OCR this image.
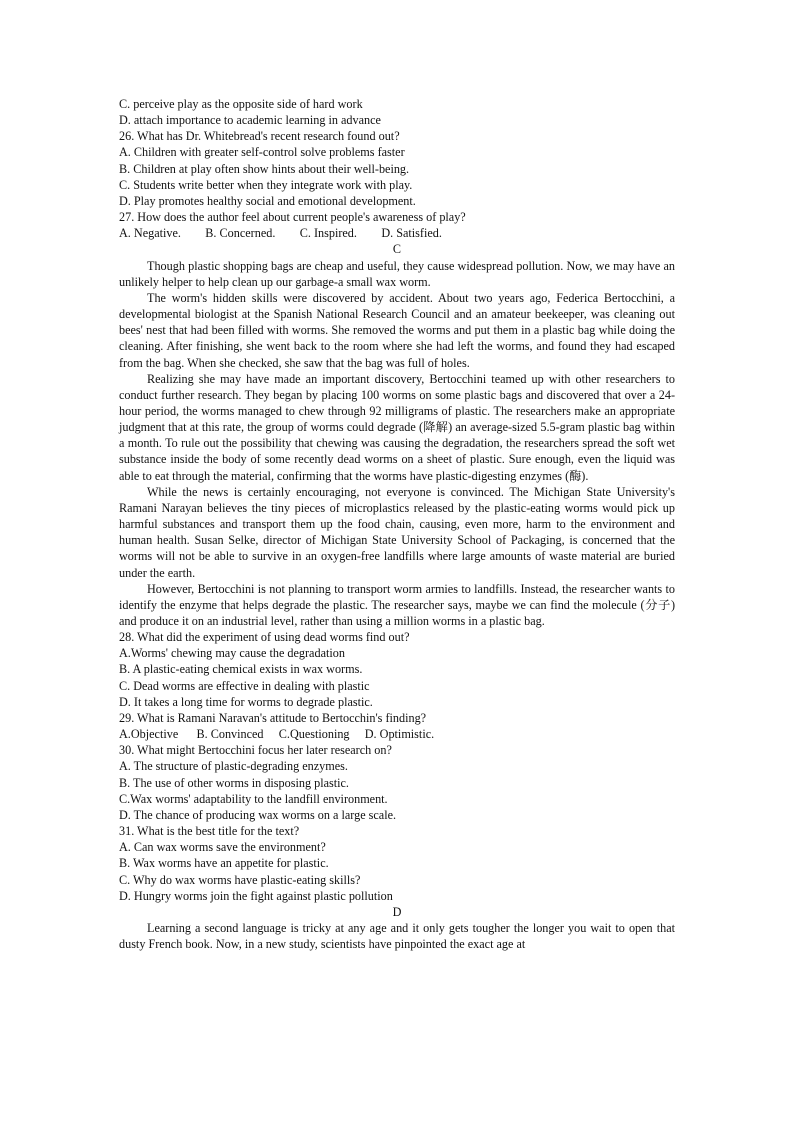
C. perceive play as the opposite side of hard work
D. attach importance to academic learning in advance
26. What has Dr. Whitebread's recent research found out?
A. Children with greater self-control solve problems faster
B. Children at play often show hints about their well-being.
C. Students write better when they integrate work with play.
D. Play promotes healthy social and emotional development.
27. How does the author feel about current people's awareness of play?
A. Negative.        B. Concerned.        C. Inspired.        D. Satisfied.
C

Though plastic shopping bags are cheap and useful, they cause widespread pollution. Now, we may have an unlikely helper to help clean up our garbage-a small wax worm.

The worm's hidden skills were discovered by accident. About two years ago, Federica Bertocchini, a developmental biologist at the Spanish National Research Council and an amateur beekeeper, was cleaning out bees' nest that had been filled with worms. She removed the worms and put them in a plastic bag while doing the cleaning. After finishing, she went back to the room where she had left the worms, and found they had escaped from the bag. When she checked, she saw that the bag was full of holes.

Realizing she may have made an important discovery, Bertocchini teamed up with other researchers to conduct further research. They began by placing 100 worms on some plastic bags and discovered that over a 24-hour period, the worms managed to chew through 92 milligrams of plastic. The researchers make an appropriate judgment that at this rate, the group of worms could degrade (降解) an average-sized 5.5-gram plastic bag within a month. To rule out the possibility that chewing was causing the degradation, the researchers spread the soft wet substance inside the body of some recently dead worms on a sheet of plastic. Sure enough, even the liquid was able to eat through the material, confirming that the worms have plastic-digesting enzymes (酶).

While the news is certainly encouraging, not everyone is convinced. The Michigan State University's Ramani Narayan believes the tiny pieces of microplastics released by the plastic-eating worms would pick up harmful substances and transport them up the food chain, causing, even more, harm to the environment and human health. Susan Selke, director of Michigan State University School of Packaging, is concerned that the worms will not be able to survive in an oxygen-free landfills where large amounts of waste material are buried under the earth.

However, Bertocchini is not planning to transport worm armies to landfills. Instead, the researcher wants to identify the enzyme that helps degrade the plastic. The researcher says, maybe we can find the molecule (分子) and produce it on an industrial level, rather than using a million worms in a plastic bag.

28. What did the experiment of using dead worms find out?
A.Worms' chewing may cause the degradation
B. A plastic-eating chemical exists in wax worms.
C. Dead worms are effective in dealing with plastic
D. It takes a long time for worms to degrade plastic.
29. What is Ramani Naravan's attitude to Bertocchin's finding?
A.Objective      B. Convinced     C.Questioning     D. Optimistic.
30. What might Bertocchini focus her later research on?
A. The structure of plastic-degrading enzymes.
B. The use of other worms in disposing plastic.
C.Wax worms' adaptability to the landfill environment.
D. The chance of producing wax worms on a large scale.
31. What is the best title for the text?
A. Can wax worms save the environment?
B. Wax worms have an appetite for plastic.
C. Why do wax worms have plastic-eating skills?
D. Hungry worms join the fight against plastic pollution
D

Learning a second language is tricky at any age and it only gets tougher the longer you wait to open that dusty French book. Now, in a new study, scientists have pinpointed the exact age at
